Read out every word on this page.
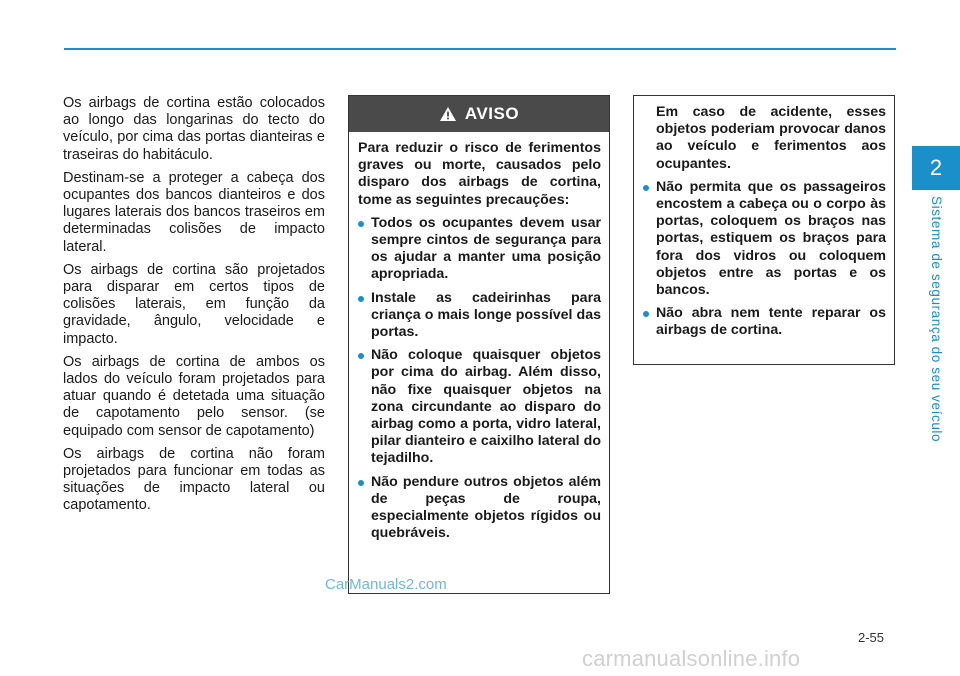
2
Sistema de segurança do seu veículo

Os airbags de cortina estão colocados ao longo das longarinas do tecto do veículo, por cima das portas dianteiras e traseiras do habitáculo.

Destinam-se a proteger a cabeça dos ocupantes dos bancos dianteiros e dos lugares laterais dos bancos traseiros em determinadas colisões de impacto lateral.

Os airbags de cortina são projetados para disparar em certos tipos de colisões laterais, em função da gravidade, ângulo, velocidade e impacto.

Os airbags de cortina de ambos os lados do veículo foram projetados para atuar quando é detetada uma situação de capotamento pelo sensor. (se equipado com sensor de capotamento)

Os airbags de cortina não foram projetados para funcionar em todas as situações de impacto lateral ou capotamento.

AVISO

Para reduzir o risco de ferimentos graves ou morte, causados pelo disparo dos airbags de cortina, tome as seguintes precauções:

Todos os ocupantes devem usar sempre cintos de segurança para os ajudar a manter uma posição apropriada.
Instale as cadeirinhas para criança o mais longe possível das portas.
Não coloque quaisquer objetos por cima do airbag. Além disso, não fixe quaisquer objetos na zona circundante ao disparo do airbag como a porta, vidro lateral, pilar dianteiro e caixilho lateral do tejadilho.
Não pendure outros objetos além de peças de roupa, especialmente objetos rígidos ou quebráveis.

Em caso de acidente, esses objetos poderiam provocar danos ao veículo e ferimentos aos ocupantes.

Não permita que os passageiros encostem a cabeça ou o corpo às portas, coloquem os braços nas portas, estiquem os braços para fora dos vidros ou coloquem objetos entre as portas e os bancos.
Não abra nem tente reparar os airbags de cortina.
2-55
CarManuals2.com
carmanualsonline.info
